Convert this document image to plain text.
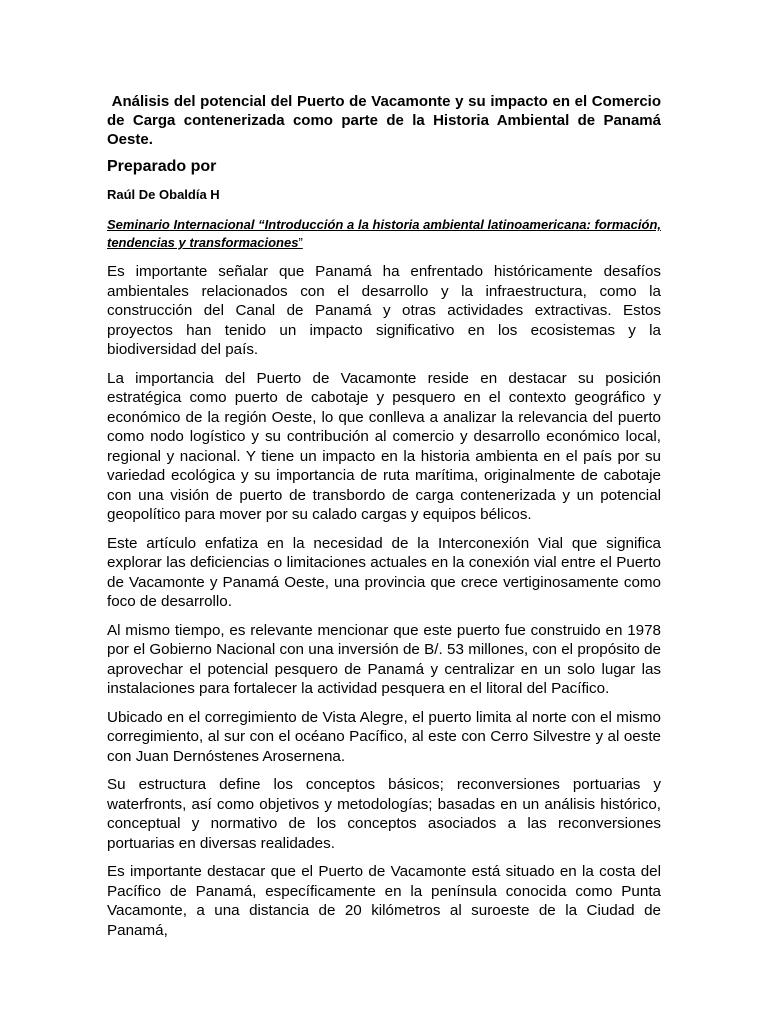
Análisis del potencial del Puerto de Vacamonte y su impacto en el Comercio de Carga contenerizada como parte de la Historia Ambiental de Panamá Oeste.
Preparado por
Raúl De Obaldía H
Seminario Internacional “Introducción a la historia ambiental latinoamericana: formación, tendencias y transformaciones”

Es importante señalar que Panamá ha enfrentado históricamente desafíos ambientales relacionados con el desarrollo y la infraestructura, como la construcción del Canal de Panamá y otras actividades extractivas. Estos proyectos han tenido un impacto significativo en los ecosistemas y la biodiversidad del país.

La importancia del Puerto de Vacamonte reside en destacar su posición estratégica como puerto de cabotaje y pesquero en el contexto geográfico y económico de la región Oeste, lo que conlleva a analizar la relevancia del puerto como nodo logístico y su contribución al comercio y desarrollo económico local, regional y nacional. Y tiene un impacto en la historia ambienta en el país por su variedad ecológica y su importancia de ruta marítima, originalmente de cabotaje con una visión de puerto de transbordo de carga contenerizada y un potencial geopolítico para mover por su calado cargas y equipos bélicos.

Este artículo enfatiza en la necesidad de la Interconexión Vial que significa explorar las deficiencias o limitaciones actuales en la conexión vial entre el Puerto de Vacamonte y Panamá Oeste, una provincia que crece vertiginosamente como foco de desarrollo.

Al mismo tiempo, es relevante mencionar que este puerto fue construido en 1978 por el Gobierno Nacional con una inversión de B/. 53 millones, con el propósito de aprovechar el potencial pesquero de Panamá y centralizar en un solo lugar las instalaciones para fortalecer la actividad pesquera en el litoral del Pacífico.

Ubicado en el corregimiento de Vista Alegre, el puerto limita al norte con el mismo corregimiento, al sur con el océano Pacífico, al este con Cerro Silvestre y al oeste con Juan Dernóstenes Arosernena.

Su estructura define los conceptos básicos; reconversiones portuarias y waterfronts, así como objetivos y metodologías; basadas en un análisis histórico, conceptual y normativo de los conceptos asociados a las reconversiones portuarias en diversas realidades.

Es importante destacar que el Puerto de Vacamonte está situado en la costa del Pacífico de Panamá, específicamente en la península conocida como Punta Vacamonte, a una distancia de 20 kilómetros al suroeste de la Ciudad de Panamá,
